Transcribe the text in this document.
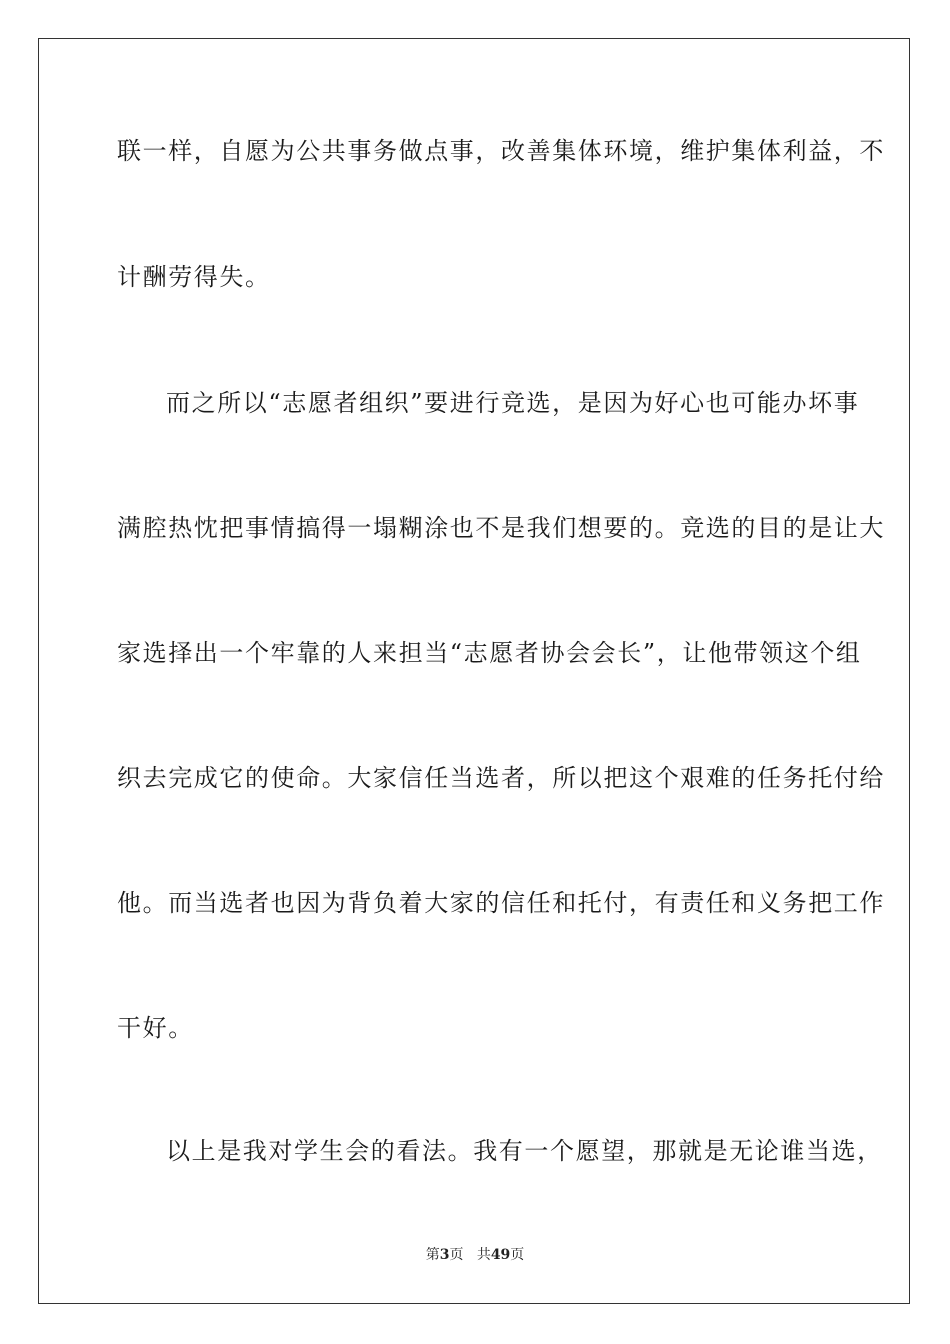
联一样，自愿为公共事务做点事，改善集体环境，维护集体利益，不
计酬劳得失。
而之所以“志愿者组织”要进行竞选，是因为好心也可能办坏事
满腔热忱把事情搞得一塌糊涂也不是我们想要的。竞选的目的是让大
家选择出一个牢靠的人来担当“志愿者协会会长”，让他带领这个组
织去完成它的使命。大家信任当选者，所以把这个艰难的任务托付给
他。而当选者也因为背负着大家的信任和托付，有责任和义务把工作
干好。
以上是我对学生会的看法。我有一个愿望，那就是无论谁当选，
第3页 共49页
